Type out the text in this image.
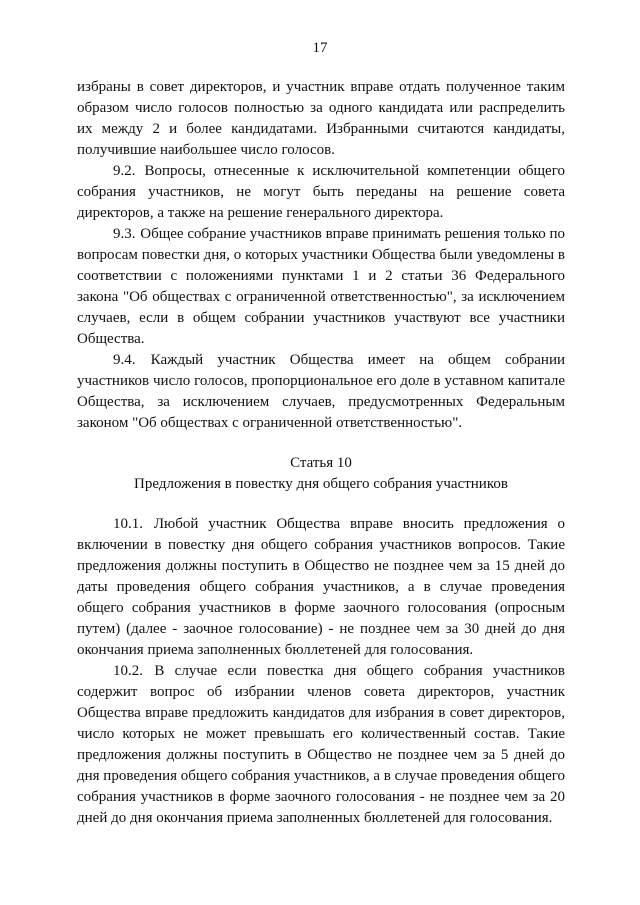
17

избраны в совет директоров, и участник вправе отдать полученное таким образом число голосов полностью за одного кандидата или распределить их между 2 и более кандидатами. Избранными считаются кандидаты, получившие наибольшее число голосов.

9.2. Вопросы, отнесенные к исключительной компетенции общего собрания участников, не могут быть переданы на решение совета директоров, а также на решение генерального директора.

9.3. Общее собрание участников вправе принимать решения только по вопросам повестки дня, о которых участники Общества были уведомлены в соответствии с положениями пунктами 1 и 2 статьи 36 Федерального закона "Об обществах с ограниченной ответственностью", за исключением случаев, если в общем собрании участников участвуют все участники Общества.

9.4. Каждый участник Общества имеет на общем собрании участников число голосов, пропорциональное его доле в уставном капитале Общества, за исключением случаев, предусмотренных Федеральным законом "Об обществах с ограниченной ответственностью".

Статья 10

Предложения в повестку дня общего собрания участников

10.1. Любой участник Общества вправе вносить предложения о включении в повестку дня общего собрания участников вопросов. Такие предложения должны поступить в Общество не позднее чем за 15 дней до даты проведения общего собрания участников, а в случае проведения общего собрания участников в форме заочного голосования (опросным путем) (далее - заочное голосование) - не позднее чем за 30 дней до дня окончания приема заполненных бюллетеней для голосования.

10.2. В случае если повестка дня общего собрания участников содержит вопрос об избрании членов совета директоров, участник Общества вправе предложить кандидатов для избрания в совет директоров, число которых не может превышать его количественный состав. Такие предложения должны поступить в Общество не позднее чем за 5 дней до дня проведения общего собрания участников, а в случае проведения общего собрания участников в форме заочного голосования - не позднее чем за 20 дней до дня окончания приема заполненных бюллетеней для голосования.
